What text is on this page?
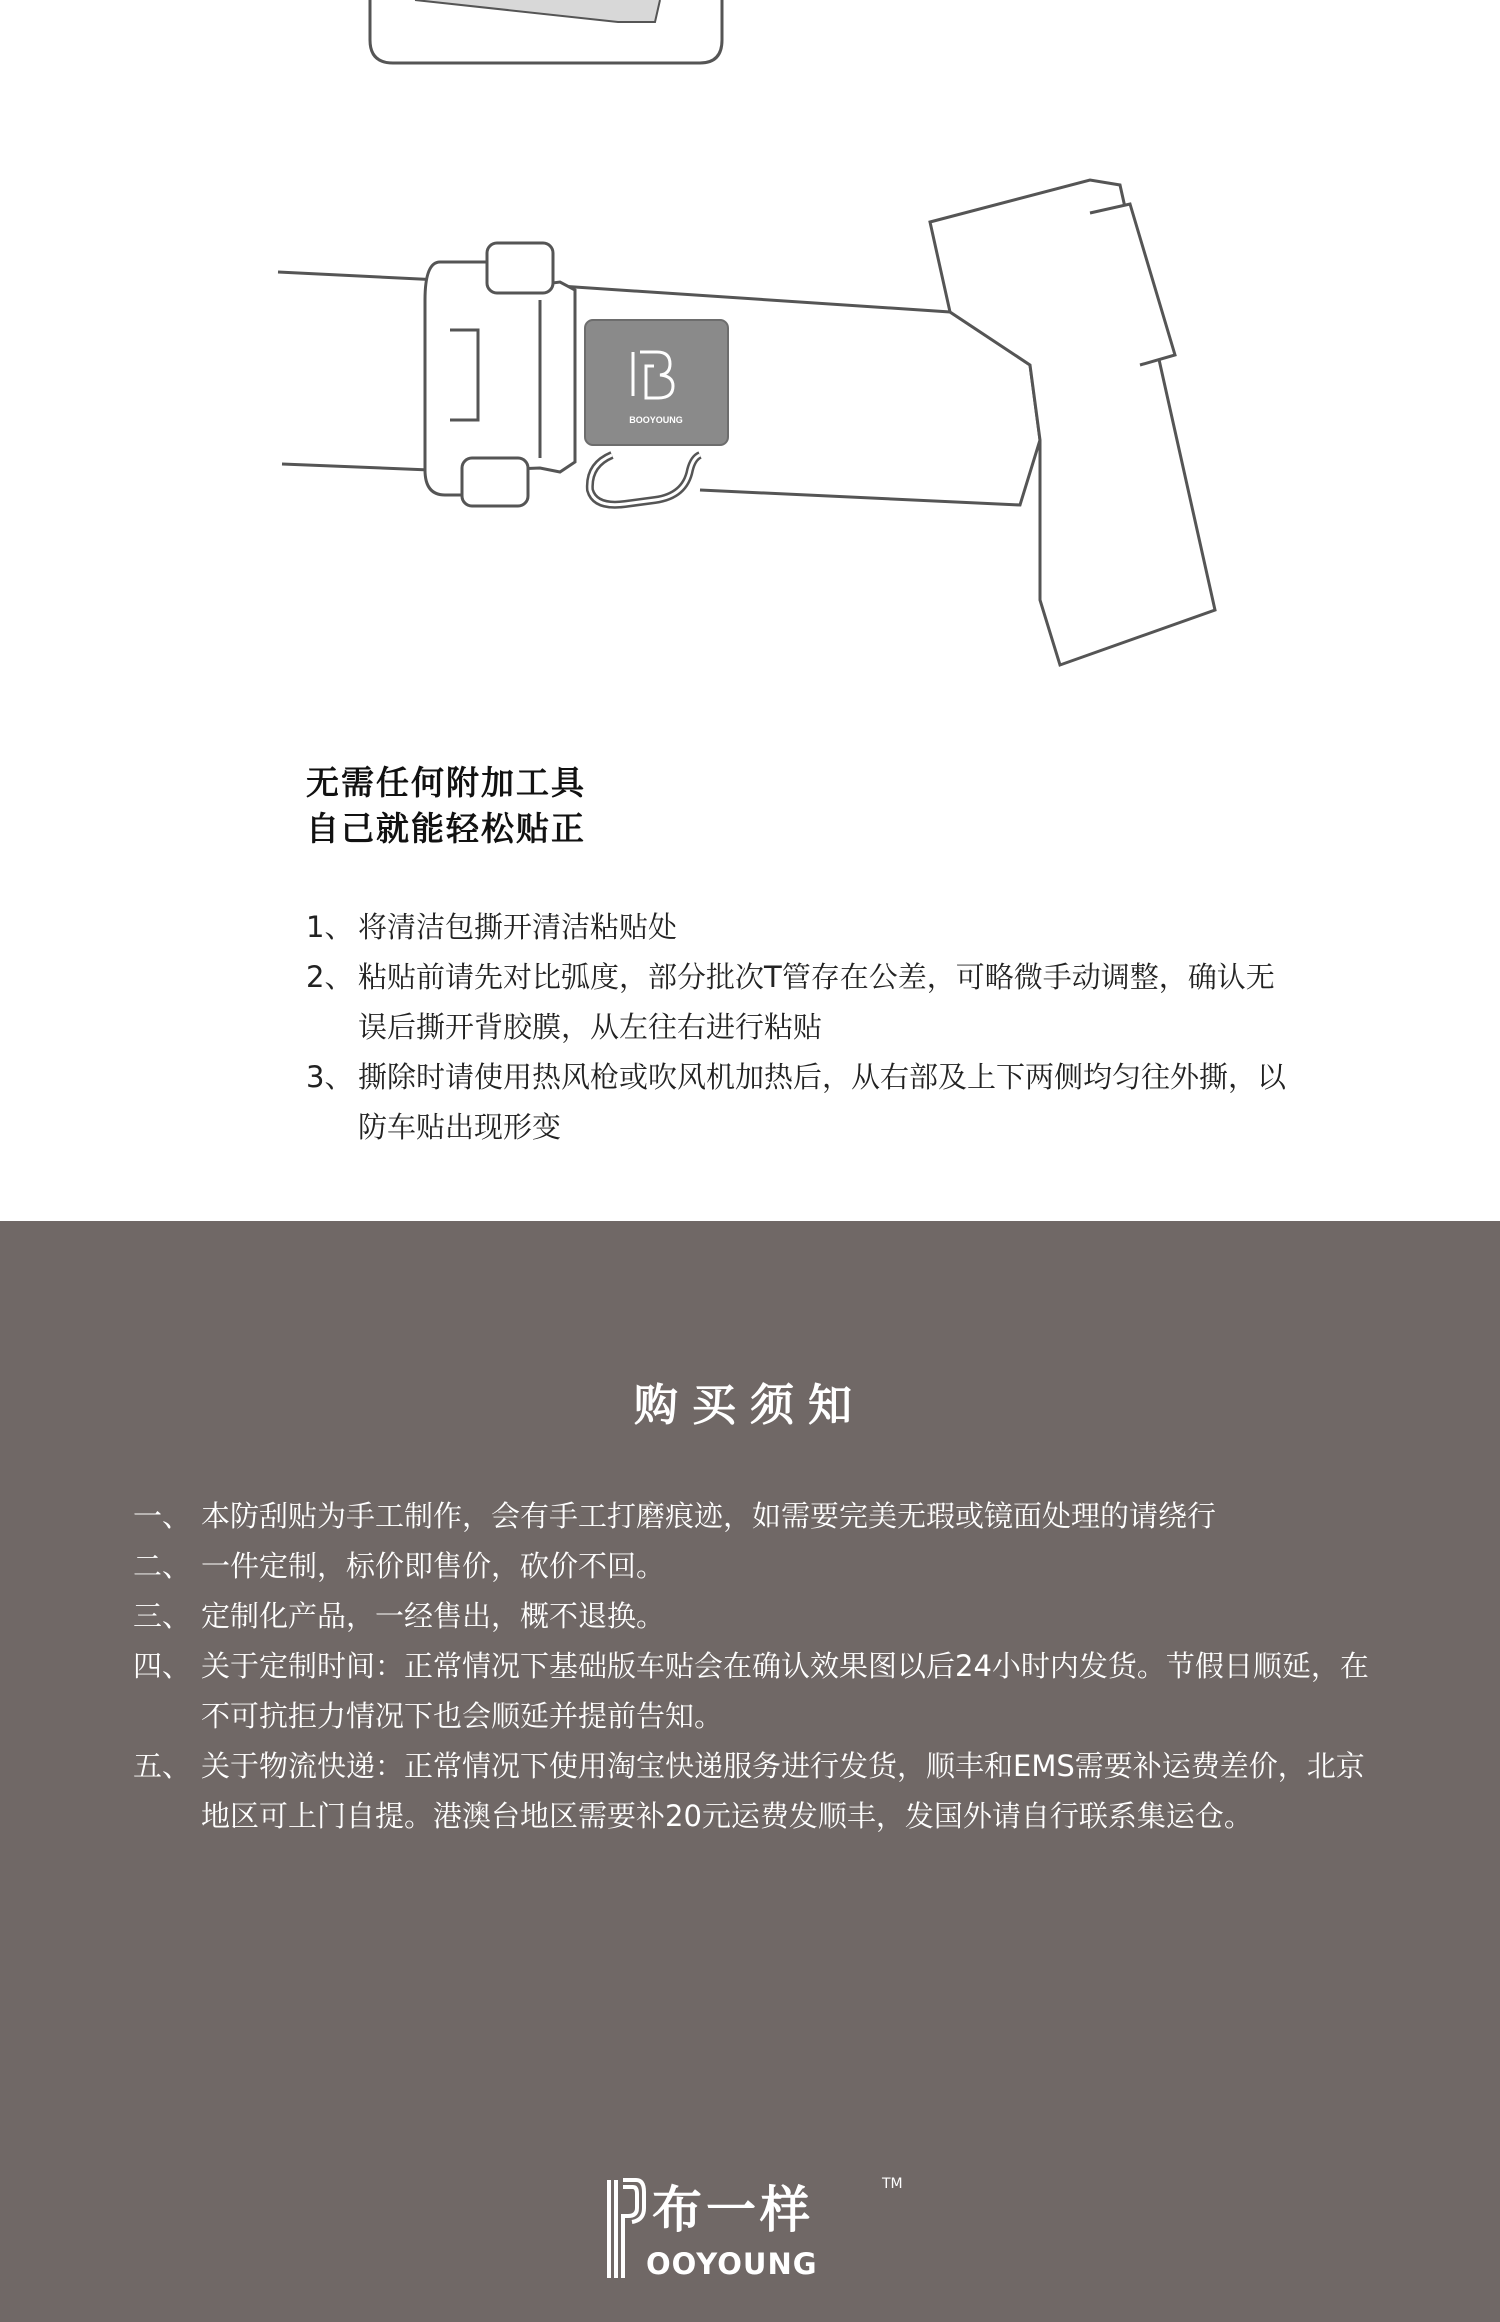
BOOYOUNG
无需任何附加工具
自己就能轻松贴正
1、 将清洁包撕开清洁粘贴处
2、 粘贴前请先对比弧度，部分批次T管存在公差，可略微手动调整，确认无误后撕开背胶膜，从左往右进行粘贴
3、 撕除时请使用热风枪或吹风机加热后，从右部及上下两侧均匀往外撕，以防车贴出现形变
购买须知
一、 本防刮贴为手工制作，会有手工打磨痕迹，如需要完美无瑕或镜面处理的请绕行
二、 一件定制，标价即售价，砍价不回。
三、 定制化产品，一经售出，概不退换。
四、 关于定制时间：正常情况下基础版车贴会在确认效果图以后24小时内发货。节假日顺延，在不可抗拒力情况下也会顺延并提前告知。
五、 关于物流快递：正常情况下使用淘宝快递服务进行发货，顺丰和EMS需要补运费差价，北京地区可上门自提。港澳台地区需要补20元运费发顺丰，发国外请自行联系集运仓。
布一样	TM
OOYOUNG
